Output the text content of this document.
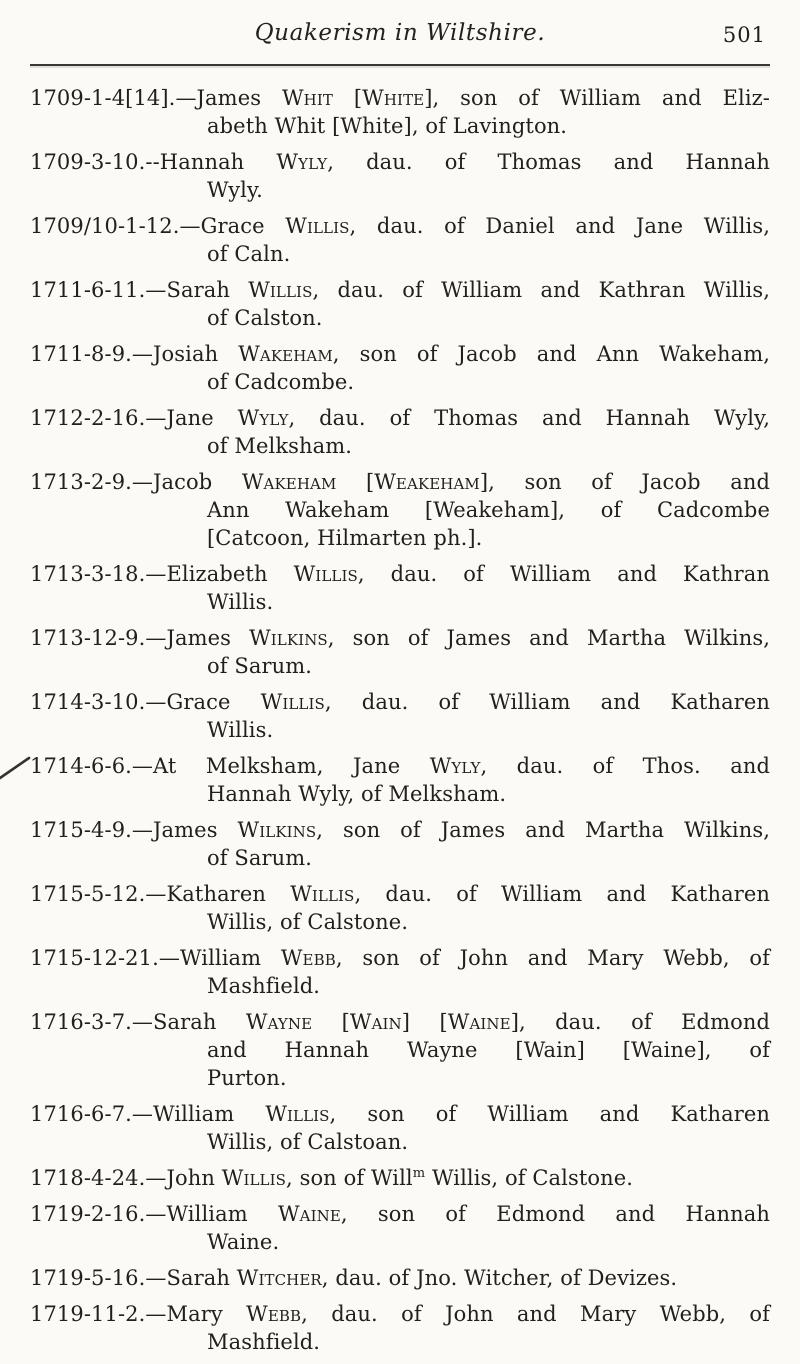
Quakerism in Wiltshire.	501

1709-1-4[14].—James Whit [White], son of William and Eliz-
abeth Whit [White], of Lavington.

1709-3-10.--Hannah Wyly, dau. of Thomas and Hannah
Wyly.

1709/10-1-12.—Grace Willis, dau. of Daniel and Jane Willis,
of Caln.

1711-6-11.—Sarah Willis, dau. of William and Kathran Willis,
of Calston.

1711-8-9.—Josiah Wakeham, son of Jacob and Ann Wakeham,
of Cadcombe.

1712-2-16.—Jane Wyly, dau. of Thomas and Hannah Wyly,
of Melksham.

1713-2-9.—Jacob Wakeham [Weakeham], son of Jacob and
Ann Wakeham [Weakeham], of Cadcombe
[Catcoon, Hilmarten ph.].

1713-3-18.—Elizabeth Willis, dau. of William and Kathran
Willis.

1713-12-9.—James Wilkins, son of James and Martha Wilkins,
of Sarum.

1714-3-10.—Grace Willis, dau. of William and Katharen
Willis.

1714-6-6.—At Melksham, Jane Wyly, dau. of Thos. and
Hannah Wyly, of Melksham.

1715-4-9.—James Wilkins, son of James and Martha Wilkins,
of Sarum.

1715-5-12.—Katharen Willis, dau. of William and Katharen
Willis, of Calstone.

1715-12-21.—William Webb, son of John and Mary Webb, of
Mashfield.

1716-3-7.—Sarah Wayne [Wain] [Waine], dau. of Edmond
and Hannah Wayne [Wain] [Waine], of
Purton.

1716-6-7.—William Willis, son of William and Katharen
Willis, of Calstoan.

1718-4-24.—John Willis, son of Will$^m$ Willis, of Calstone.

1719-2-16.—William Waine, son of Edmond and Hannah
Waine.

1719-5-16.—Sarah Witcher, dau. of Jno. Witcher, of Devizes.

1719-11-2.—Mary Webb, dau. of John and Mary Webb, of
Mashfield.
